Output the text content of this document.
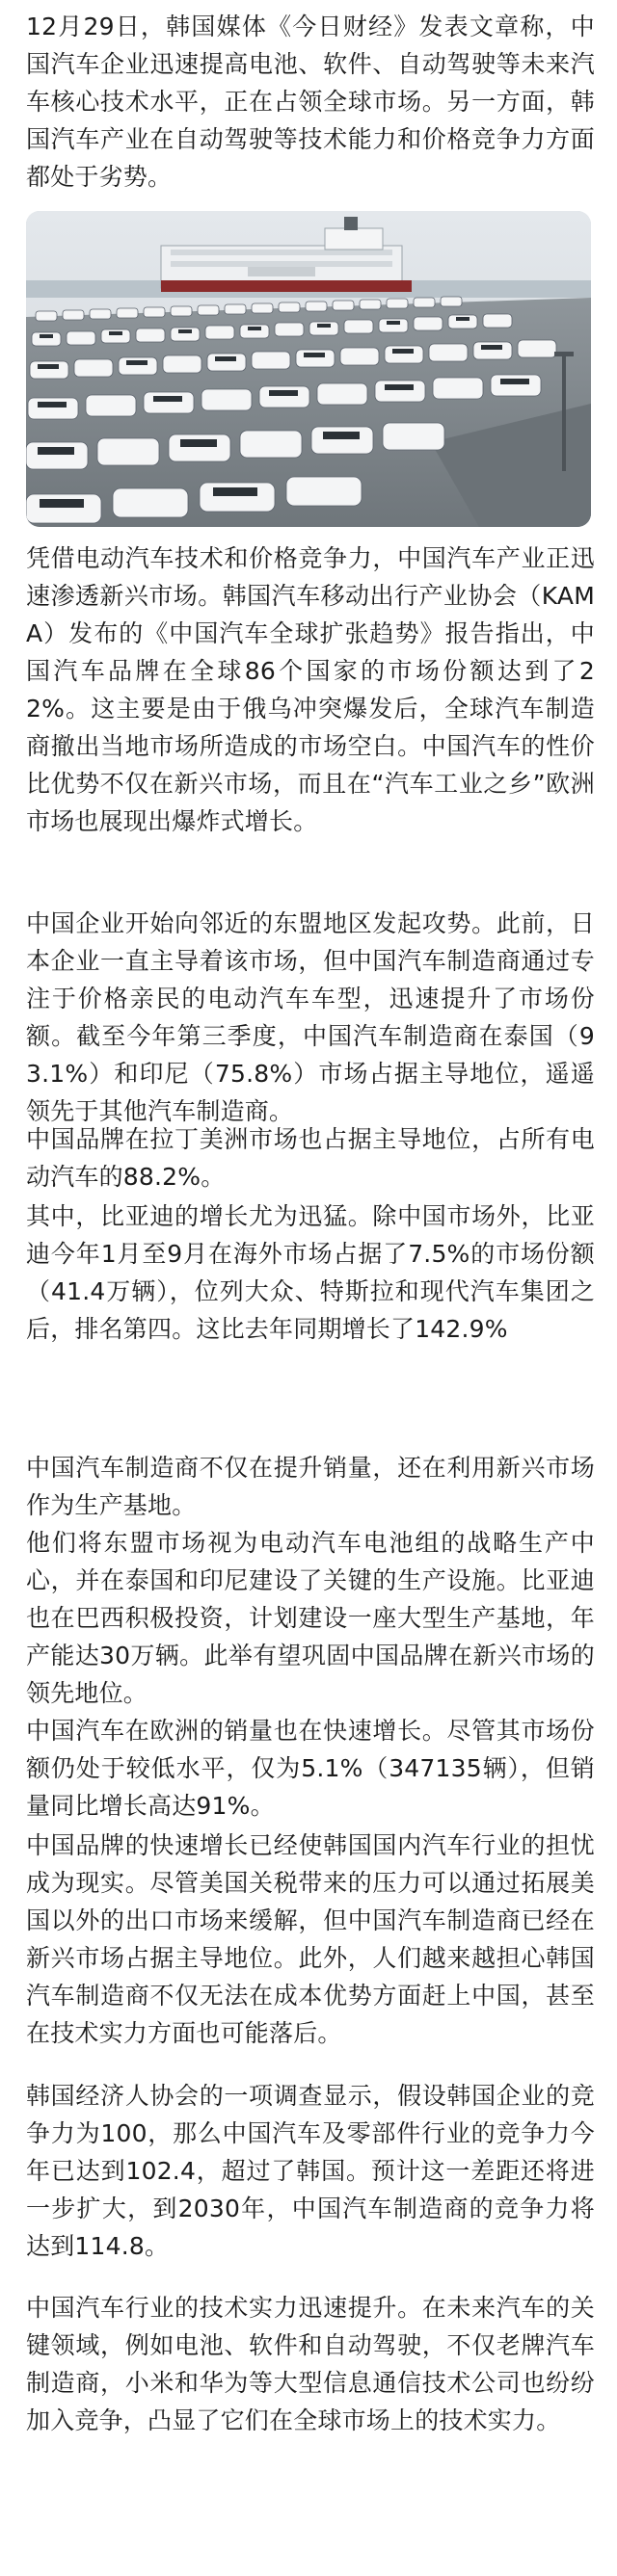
12月29日，韩国媒体《今日财经》发表文章称，中国汽车企业迅速提高电池、软件、自动驾驶等未来汽车核心技术水平，正在占领全球市场。另一方面，韩国汽车产业在自动驾驶等技术能力和价格竞争力方面都处于劣势。

凭借电动汽车技术和价格竞争力，中国汽车产业正迅速渗透新兴市场。韩国汽车移动出行产业协会（KAMA）发布的《中国汽车全球扩张趋势》报告指出，中国汽车品牌在全球86个国家的市场份额达到了22%。这主要是由于俄乌冲突爆发后，全球汽车制造商撤出当地市场所造成的市场空白。中国汽车的性价比优势不仅在新兴市场，而且在“汽车工业之乡”欧洲市场也展现出爆炸式增长。

中国企业开始向邻近的东盟地区发起攻势。此前，日本企业一直主导着该市场，但中国汽车制造商通过专注于价格亲民的电动汽车车型，迅速提升了市场份额。截至今年第三季度，中国汽车制造商在泰国（93.1%）和印尼（75.8%）市场占据主导地位，遥遥领先于其他汽车制造商。

中国品牌在拉丁美洲市场也占据主导地位，占所有电动汽车的88.2%。

其中，比亚迪的增长尤为迅猛。除中国市场外，比亚迪今年1月至9月在海外市场占据了7.5%的市场份额（41.4万辆），位列大众、特斯拉和现代汽车集团之后，排名第四。这比去年同期增长了142.9%

中国汽车制造商不仅在提升销量，还在利用新兴市场作为生产基地。

他们将东盟市场视为电动汽车电池组的战略生产中心，并在泰国和印尼建设了关键的生产设施。比亚迪也在巴西积极投资，计划建设一座大型生产基地，年产能达30万辆。此举有望巩固中国品牌在新兴市场的领先地位。

中国汽车在欧洲的销量也在快速增长。尽管其市场份额仍处于较低水平，仅为5.1%（347135辆），但销量同比增长高达91%。

中国品牌的快速增长已经使韩国国内汽车行业的担忧成为现实。尽管美国关税带来的压力可以通过拓展美国以外的出口市场来缓解，但中国汽车制造商已经在新兴市场占据主导地位。此外，人们越来越担心韩国汽车制造商不仅无法在成本优势方面赶上中国，甚至在技术实力方面也可能落后。

韩国经济人协会的一项调查显示，假设韩国企业的竞争力为100，那么中国汽车及零部件行业的竞争力今年已达到102.4，超过了韩国。预计这一差距还将进一步扩大，到2030年，中国汽车制造商的竞争力将达到114.8。

中国汽车行业的技术实力迅速提升。在未来汽车的关键领域，例如电池、软件和自动驾驶，不仅老牌汽车制造商，小米和华为等大型信息通信技术公司也纷纷加入竞争，凸显了它们在全球市场上的技术实力。
